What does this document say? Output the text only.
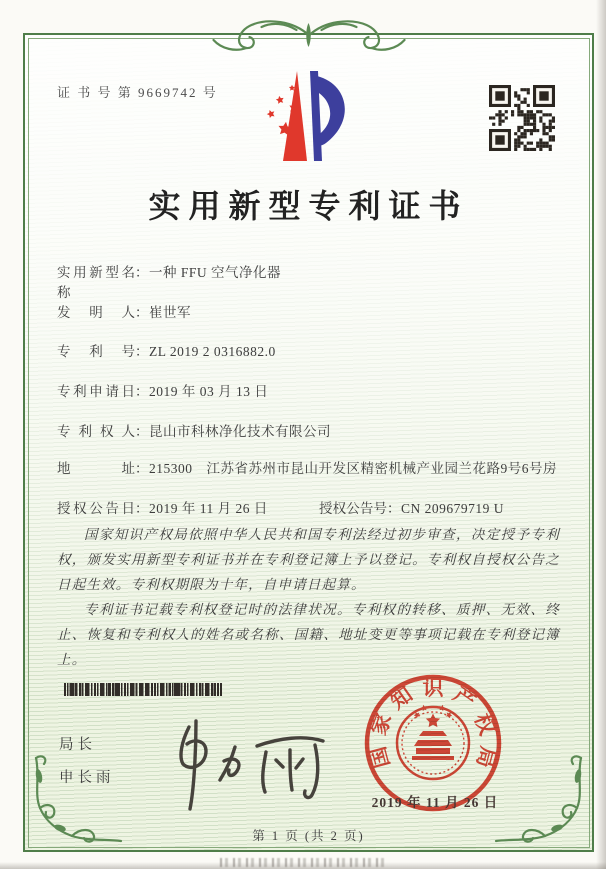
证 书 号 第 9669742 号
实用新型专利证书
实用新型名称
： 一种 FFU 空气净化器
发明人 ： 崔世军
专利号 ： ZL 2019 2 0316882.0
专利申请日 ： 2019 年 03 月 13 日
专利权人 ： 昆山市科林净化技术有限公司
地址 ： 215300　江苏省苏州市昆山开发区精密机械产业园兰花路9号6号房
授权公告日 ： 2019 年 11 月 26 日	授权公告号 ： CN 209679719 U

国家知识产权局依照中华人民共和国专利法经过初步审查，决定授予专利权，颁发实用新型专利证书并在专利登记簿上予以登记。专利权自授权公告之日起生效。专利权期限为十年，自申请日起算。

专利证书记载专利权登记时的法律状况。专利权的转移、质押、无效、终止、恢复和专利权人的姓名或名称、国籍、地址变更等事项记载在专利登记簿上。

局长
申长雨
国
家
知 识 产
权
局
2019 年 11 月 26 日
第 1 页 (共 2 页)
